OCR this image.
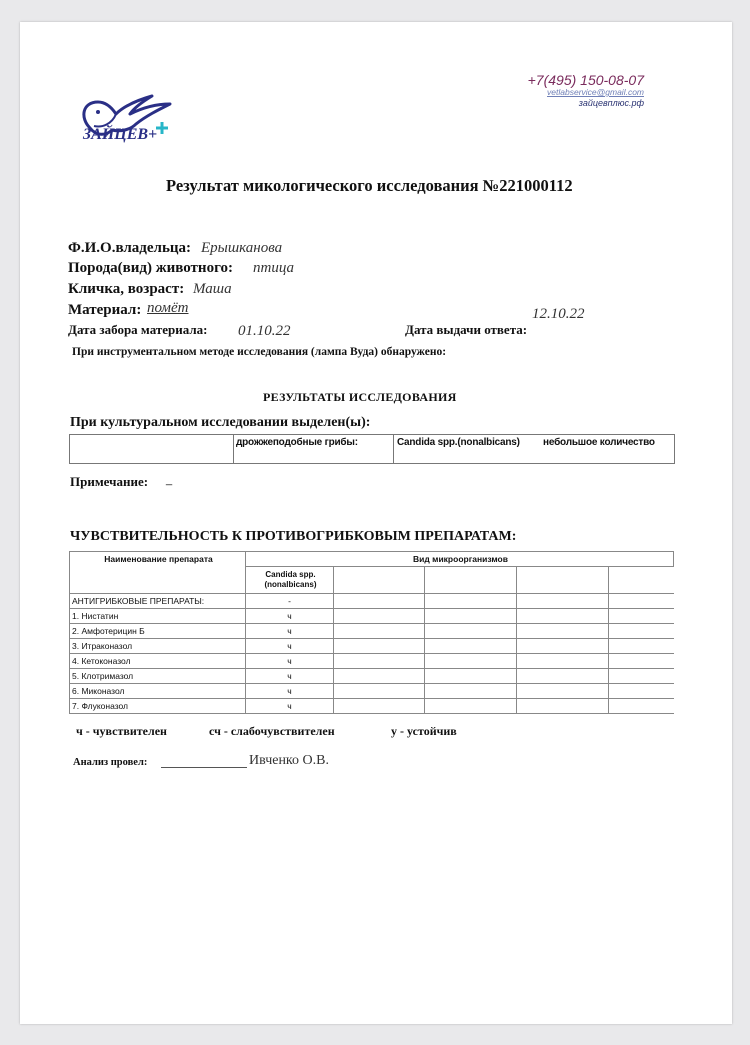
ЗАЙЦЕВ+
+7(495) 150-08-07
vetlabservice@gmail.com
зайцевплюс.рф
Результат микологического исследования №221000112
Ф.И.О.владельца: Ерышканова
Порода(вид) животного: птица
Кличка, возраст: Маша
Материал: помёт
Дата забора материала: 01.10.22	Дата выдачи ответа:
12.10.22
При инструментальном методе исследования (лампа Вуда) обнаружено:
РЕЗУЛЬТАТЫ ИССЛЕДОВАНИЯ
При культуральном исследовании выделен(ы):
дрожжеподобные грибы:	Candida spp.(nonalbicans) небольшое количество
Примечание: _
ЧУВСТВИТЕЛЬНОСТЬ К ПРОТИВОГРИБКОВЫМ ПРЕПАРАТАМ:
Наименование препарата	Вид микроорганизмов				
	Candida spp.(nonalbicans)				
АНТИГРИБКОВЫЕ ПРЕПАРАТЫ:	-				
1. Нистатин	ч				
2. Амфотерицин Б	ч				
3. Итраконазол	ч				
4. Кетоконазол	ч				
5. Клотримазол	ч				
6. Миконазол	ч				
7. Флуконазол	ч				
ч - чувствителен	сч - слабочувствителен	у - устойчив
Анализ провел:	Ивченко О.В.
